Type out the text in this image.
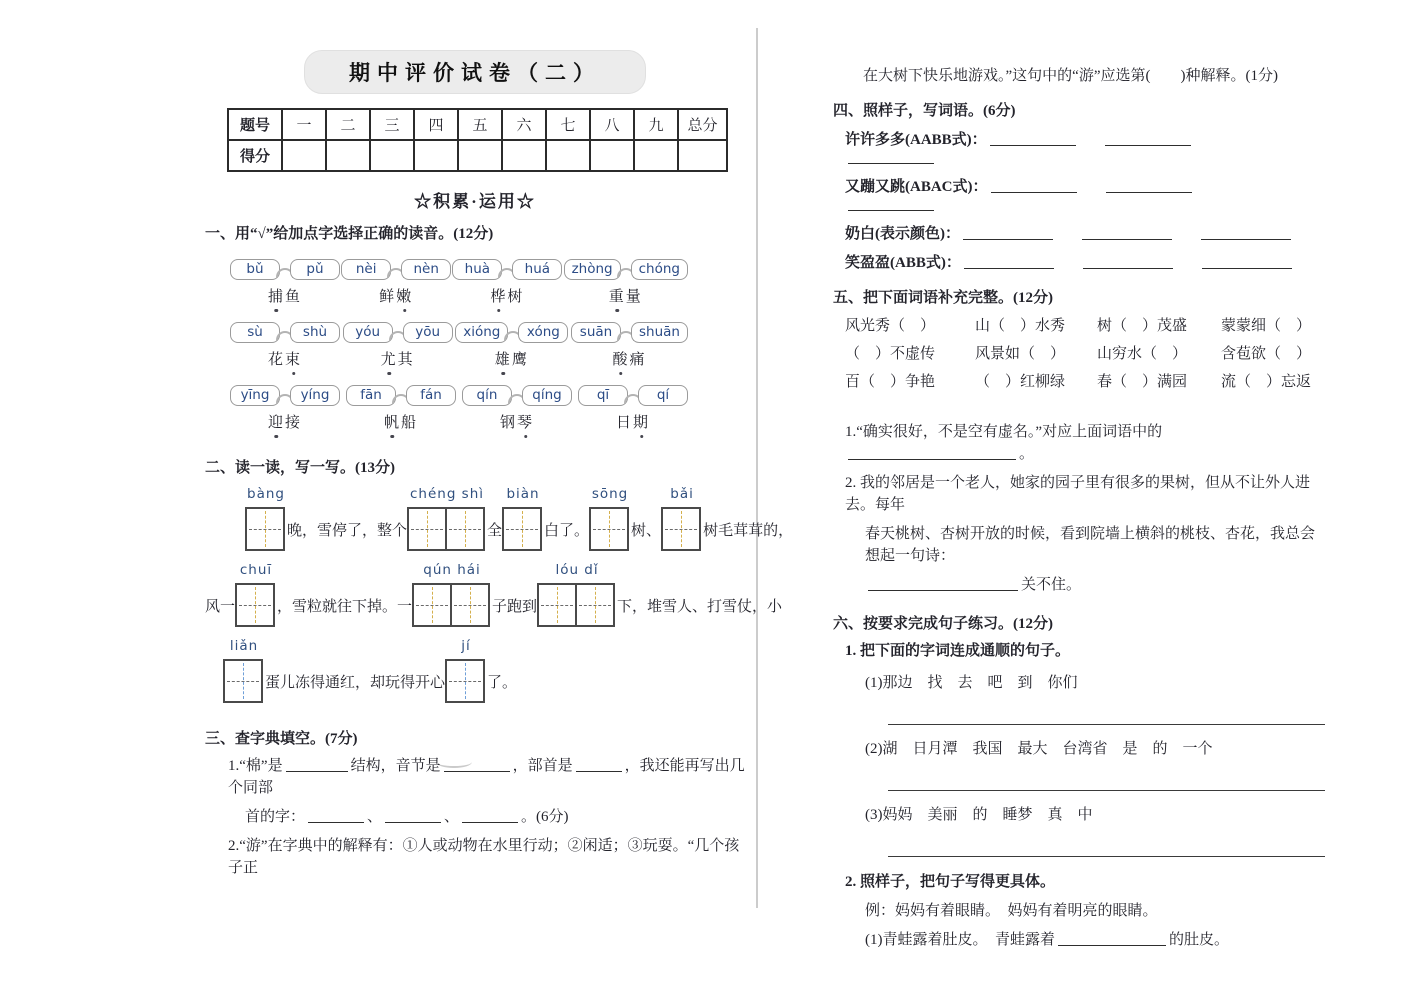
期中评价试卷（二）
题号	一	二	三	四	五	六	七	八	九	总分
得分										
☆积累·运用☆
一、用“√”给加点字选择正确的读音。(12分)
bǔ	pǔ
捕鱼
nèi	nèn
鲜嫩
huà	huá
桦树
zhòng	chóng
重量
sù	shù
花束
yóu	yōu
尤其
xióng	xóng
雄鹰
suān	shuān
酸痛
yīng	yíng
迎接
fān	fán
帆船
qín	qíng
钢琴
qī	qí
日期
二、读一读，写一写。(13分)
bàng
晚，雪停了，整个
chéng shì
全
biàn
白了。
sōng
树、
bǎi
树毛茸茸的，
风一
chuī
，雪粒就往下掉。一
qún hái
子跑到
lóu dǐ
下，堆雪人、打雪仗，小
liǎn
蛋儿冻得通红，却玩得开心
jí
了。
三、查字典填空。(7分)
1.“棉”是	结构，音节是	，部首是	，我还能再写出几个同部
首的字：	、	、	。(6分)
2.“游”在字典中的解释有：①人或动物在水里行动；②闲适；③玩耍。“几个孩子正
在大树下快乐地游戏。”这句中的“游”应选第(　　)种解释。(1分)
四、照样子，写词语。(6分)
许许多多(AABB式)：
又蹦又跳(ABAC式)：
奶白(表示颜色)：
笑盈盈(ABB式)：
五、把下面词语补充完整。(12分)
风光秀（　）	山（　）水秀	树（　）茂盛	蒙蒙细（　）
（　）不虚传	风景如（　）	山穷水（　）	含苞欲（　）
百（　）争艳	（　）红柳绿	春（　）满园	流（　）忘返
1.“确实很好，不是空有虚名。”对应上面词语中的。
2. 我的邻居是一个老人，她家的园子里有很多的果树，但从不让外人进去。每年
春天桃树、杏树开放的时候，看到院墙上横斜的桃枝、杏花，我总会想起一句诗：
关不住。
六、按要求完成句子练习。(12分)
1. 把下面的字词连成通顺的句子。
(1)那边　找　去　吧　到　你们
(2)湖　日月潭　我国　最大　台湾省　是　的　一个
(3)妈妈　美丽　的　睡梦　真　中
2. 照样子，把句子写得更具体。
例：妈妈有着眼睛。　妈妈有着明亮的眼睛。
(1)青蛙露着肚皮。　青蛙露着	的肚皮。
